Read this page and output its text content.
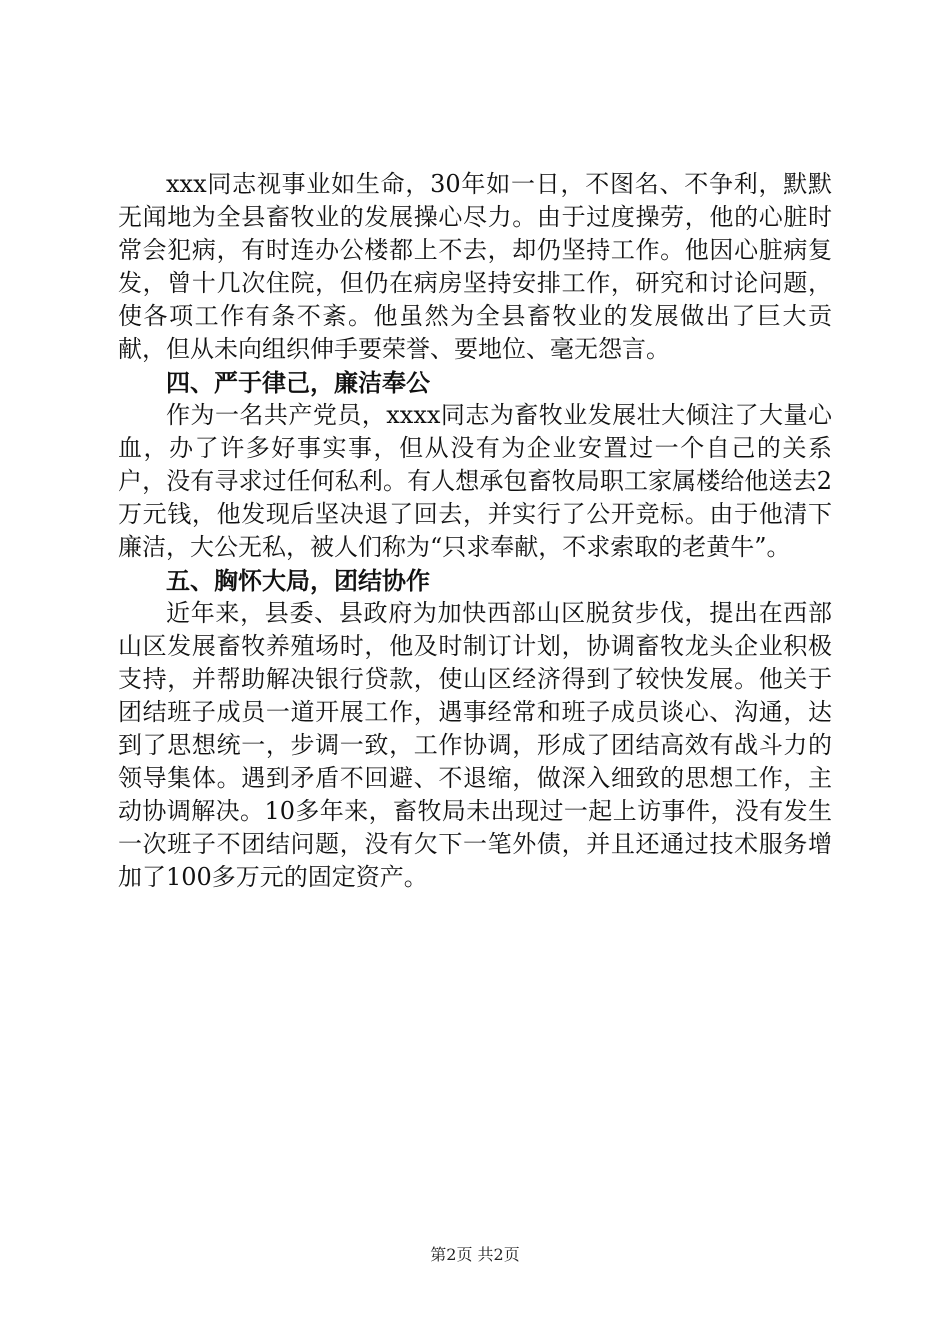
xxx同志视事业如生命，30年如一日，不图名、不争利，默默无闻地为全县畜牧业的发展操心尽力。由于过度操劳，他的心脏时常会犯病，有时连办公楼都上不去，却仍坚持工作。他因心脏病复发，曾十几次住院，但仍在病房坚持安排工作，研究和讨论问题，使各项工作有条不紊。他虽然为全县畜牧业的发展做出了巨大贡献，但从未向组织伸手要荣誉、要地位、毫无怨言。

四、严于律己，廉洁奉公

作为一名共产党员，xxxx同志为畜牧业发展壮大倾注了大量心血，办了许多好事实事，但从没有为企业安置过一个自己的关系户，没有寻求过任何私利。有人想承包畜牧局职工家属楼给他送去2万元钱，他发现后坚决退了回去，并实行了公开竞标。由于他清下廉洁，大公无私，被人们称为“只求奉献，不求索取的老黄牛”。

五、胸怀大局，团结协作

近年来，县委、县政府为加快西部山区脱贫步伐，提出在西部山区发展畜牧养殖场时，他及时制订计划，协调畜牧龙头企业积极支持，并帮助解决银行贷款，使山区经济得到了较快发展。他关于团结班子成员一道开展工作，遇事经常和班子成员谈心、沟通，达到了思想统一，步调一致，工作协调，形成了团结高效有战斗力的领导集体。遇到矛盾不回避、不退缩，做深入细致的思想工作，主动协调解决。10多年来，畜牧局未出现过一起上访事件，没有发生一次班子不团结问题，没有欠下一笔外债，并且还通过技术服务增加了100多万元的固定资产。

第2页 共2页
